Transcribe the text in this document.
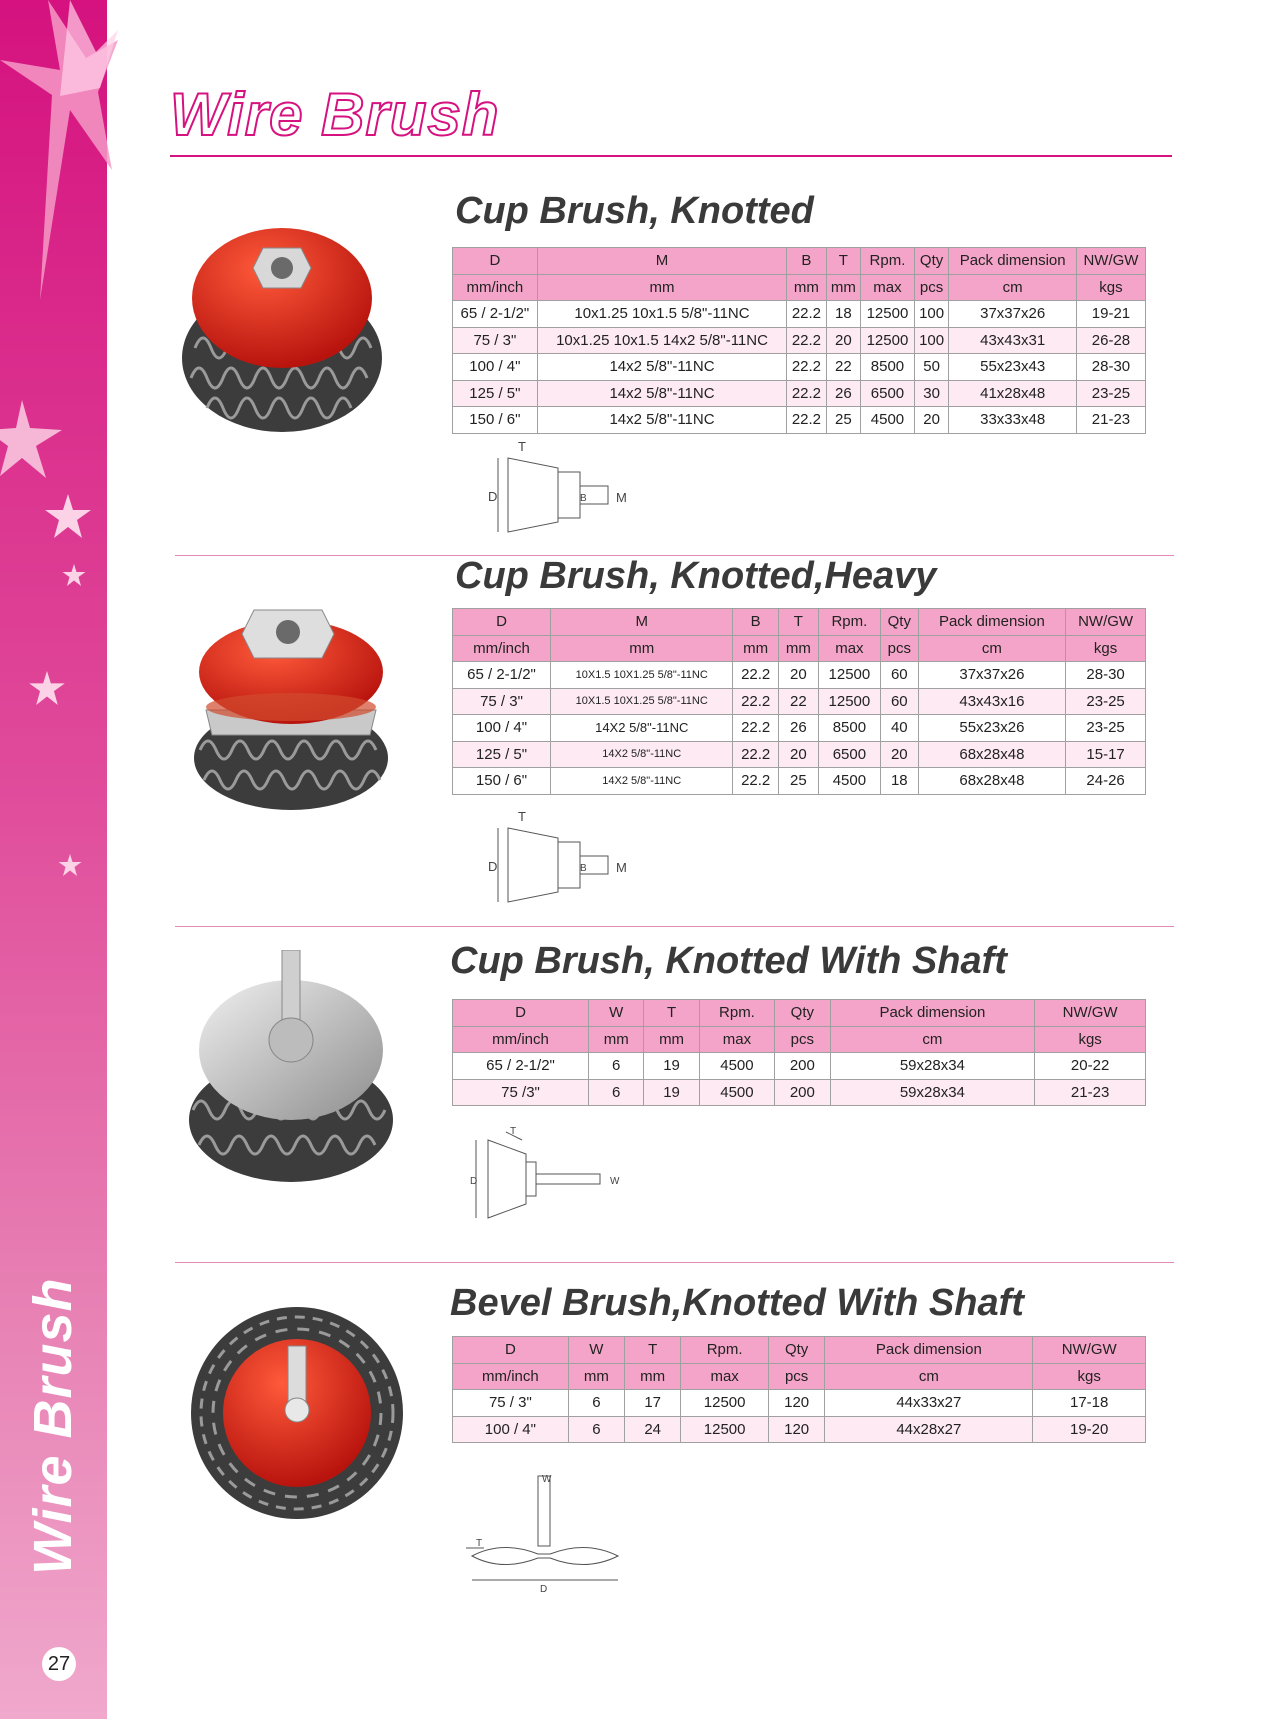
Wire Brush
27
Wire Brush
Cup Brush, Knotted
D	M	B	T	Rpm.	Qty	Pack dimension	NW/GW
mm/inch	mm	mm	mm	max	pcs	cm	kgs
65 / 2-1/2"	10x1.25 10x1.5 5/8"-11NC	22.2	18	12500	100	37x37x26	19-21
75 / 3"	10x1.25 10x1.5 14x2 5/8"-11NC	22.2	20	12500	100	43x43x31	26-28
100 / 4"	14x2 5/8"-11NC	22.2	22	8500	50	55x23x43	28-30
125 / 5"	14x2 5/8"-11NC	22.2	26	6500	30	41x28x48	23-25
150 / 6"	14x2 5/8"-11NC	22.2	25	4500	20	33x33x48	21-23
T
D	B M
Cup Brush, Knotted,Heavy
D	M	B	T	Rpm.	Qty	Pack dimension	NW/GW
mm/inch	mm	mm	mm	max	pcs	cm	kgs
65 / 2-1/2"	10X1.5 10X1.25 5/8"-11NC	22.2	20	12500	60	37x37x26	28-30
75 / 3"	10X1.5 10X1.25 5/8"-11NC	22.2	22	12500	60	43x43x16	23-25
100 / 4"	14X2 5/8"-11NC	22.2	26	8500	40	55x23x26	23-25
125 / 5"	14X2 5/8"-11NC	22.2	20	6500	20	68x28x48	15-17
150 / 6"	14X2 5/8"-11NC	22.2	25	4500	18	68x28x48	24-26
T
D	B M
Cup Brush, Knotted With Shaft
D	W	T	Rpm.	Qty	Pack dimension	NW/GW
mm/inch	mm	mm	max	pcs	cm	kgs
65 / 2-1/2"	6	19	4500	200	59x28x34	20-22
75 /3"	6	19	4500	200	59x28x34	21-23
T
D	W
Bevel Brush,Knotted With Shaft
D	W	T	Rpm.	Qty	Pack dimension	NW/GW
mm/inch	mm	mm	max	pcs	cm	kgs
75 / 3"	6	17	12500	120	44x33x27	17-18
100 / 4"	6	24	12500	120	44x28x27	19-20
W
T
D
